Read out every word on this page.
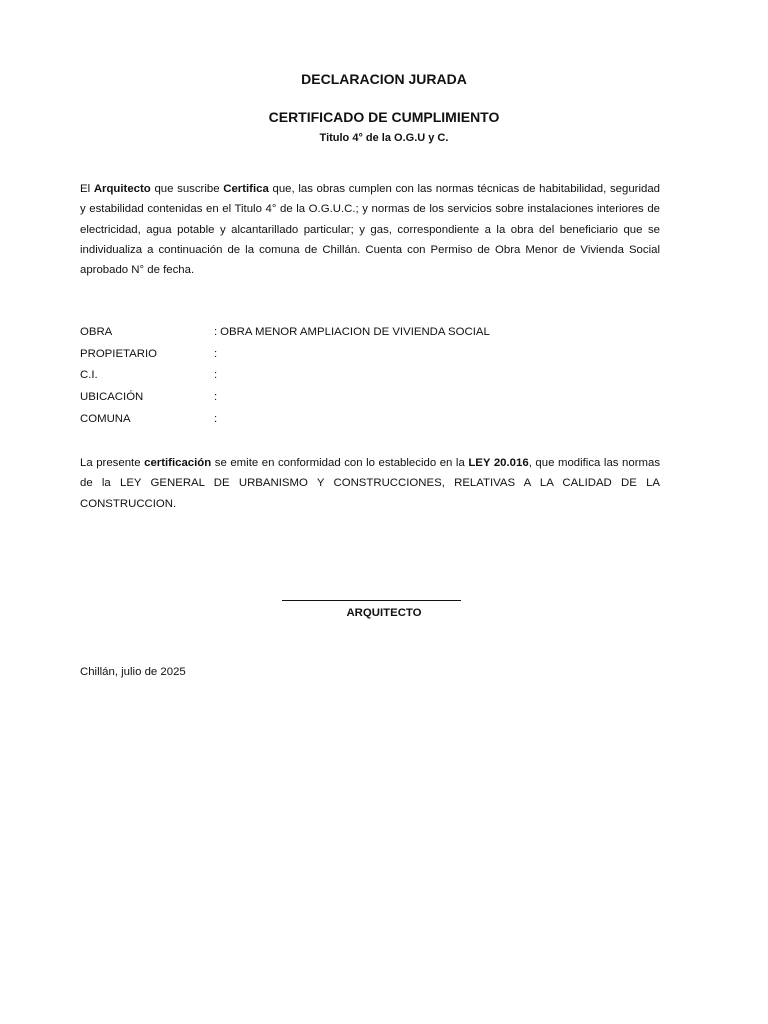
DECLARACION JURADA
CERTIFICADO DE CUMPLIMIENTO
Titulo 4° de la O.G.U y C.

El Arquitecto que suscribe Certifica que, las obras cumplen con las normas técnicas de habitabilidad, seguridad y estabilidad contenidas en el Titulo 4° de la O.G.U.C.; y normas de los servicios sobre instalaciones interiores de electricidad, agua potable y alcantarillado particular; y gas, correspondiente a la obra del beneficiario que se individualiza a continuación de la comuna de Chillán. Cuenta con Permiso de Obra Menor de Vivienda Social aprobado N° de fecha.

OBRA	: OBRA MENOR AMPLIACION DE VIVIENDA SOCIAL
PROPIETARIO	:
C.I.	:
UBICACIÓN	:
COMUNA	:

La presente certificación se emite en conformidad con lo establecido en la LEY 20.016, que modifica las normas de la LEY GENERAL DE URBANISMO Y CONSTRUCCIONES, RELATIVAS A LA CALIDAD DE LA CONSTRUCCION.

ARQUITECTO

Chillán, julio de 2025
